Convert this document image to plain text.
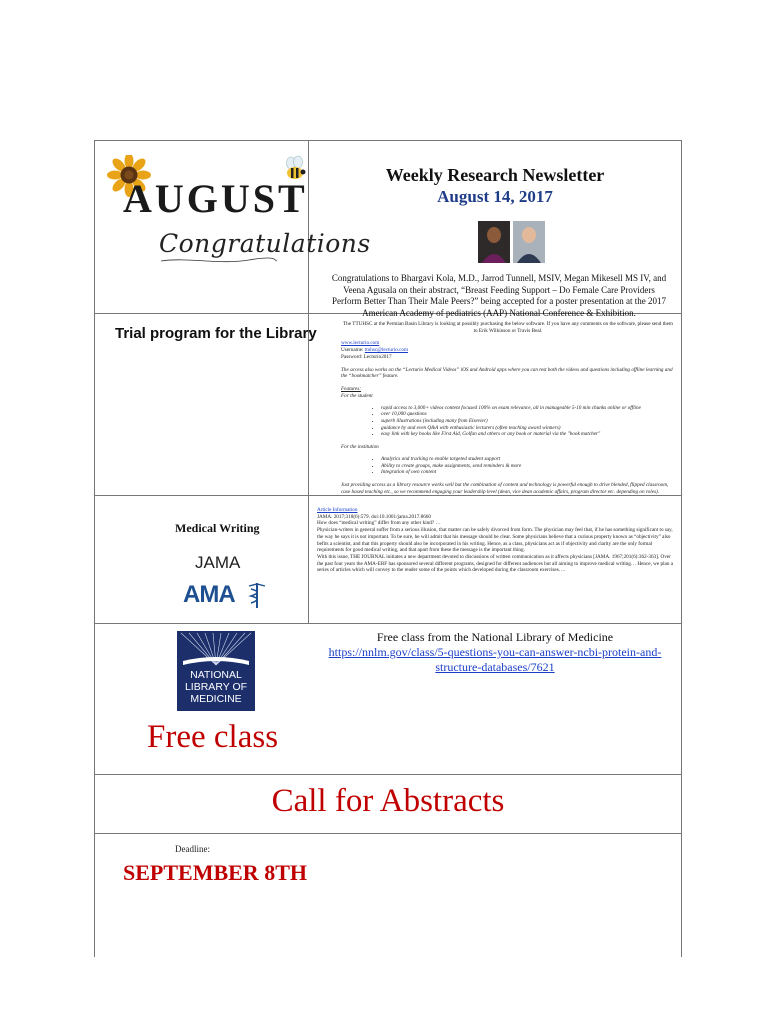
AUGUST
Congratulations
Weekly Research Newsletter
August 14, 2017
Congratulations to Bhargavi Kola, M.D., Jarrod Tunnell, MSIV, Megan Mikesell MS IV, and Veena Agusala on their abstract, “Breast Feeding Support – Do Female Care Providers Perform Better Than Their Male Peers?” being accepted for a poster presentation at the 2017 American Academy of pediatrics (AAP) National Conference & Exhibition.
Trial program for the Library
The TTUHSC at the Permian Basin Library is looking at possibly purchasing the below software. If you have any comments on the software, please send them to Erik Wilkinson or Travis Beal.
www.lecturio.com
Username: ttuhsc@lecturio.com
Password: Lecturio2017
The access also works on the “Lecturio Medical Videos” iOS and Android apps where you can test both the videos and questions including offline learning and the “bookmatcher” feature.
Features:
For the student
• rapid access to 3,000+ videos content focused 100% on exam relevance, all in manageable 5-10 min chunks online or offline
• over 10,000 questions
• superb illustrations (including many from Elsevier)
• guidance by and even Q&A with enthusiastic lecturers (often teaching award winners)
• easy link with key books like First Aid, Golfan and others or any book or material via the "book matcher"
For the institution
• Analytics and tracking to enable targeted student support
• Ability to create groups, make assignments, send reminders & more
• Integration of own content
Just providing access as a library resource works well but the combination of content and technology is powerful enough to drive blended, flipped classroom, case based teaching etc., so we recommend engaging your leadership level (dean, vice dean academic affairs, program director etc. depending on roles).
Medical Writing
JAMA
AMA
Article Information
JAMA. 2017;318(6):579. doi:10.1001/jama.2017.8660
How does “medical writing” differ from any other kind? …
Physician-writers in general suffer from a serious illusion, that matter can be safely divorced from form. The physician may feel that, if he has something significant to say, the way he says it is not important. To be sure, he will admit that his message should be clear. Some physicians believe that a curious property known as “objectivity” also befits a scientist, and that this property should also be incorporated in his writing. Hence, as a class, physicians act as if objectivity and clarity are the only formal requirements for good medical writing, and that apart from these the message is the important thing.
With this issue, THE JOURNAL initiates a new department devoted to discussions of written communication as it affects physicians [JAMA. 1967;201(6):362-363]. Over the past four years the AMA-ERF has sponsored several different programs, designed for different audiences but all aiming to improve medical writing… Hence, we plan a series of articles which will convey to the reader some of the points which developed during the classroom exercises….
NATIONAL
LIBRARY OF
MEDICINE
Free class
Free class from the National Library of Medicine
https://nnlm.gov/class/5-questions-you-can-answer-ncbi-protein-and-
structure-databases/7621
Call for Abstracts
Deadline:
SEPTEMBER 8TH
